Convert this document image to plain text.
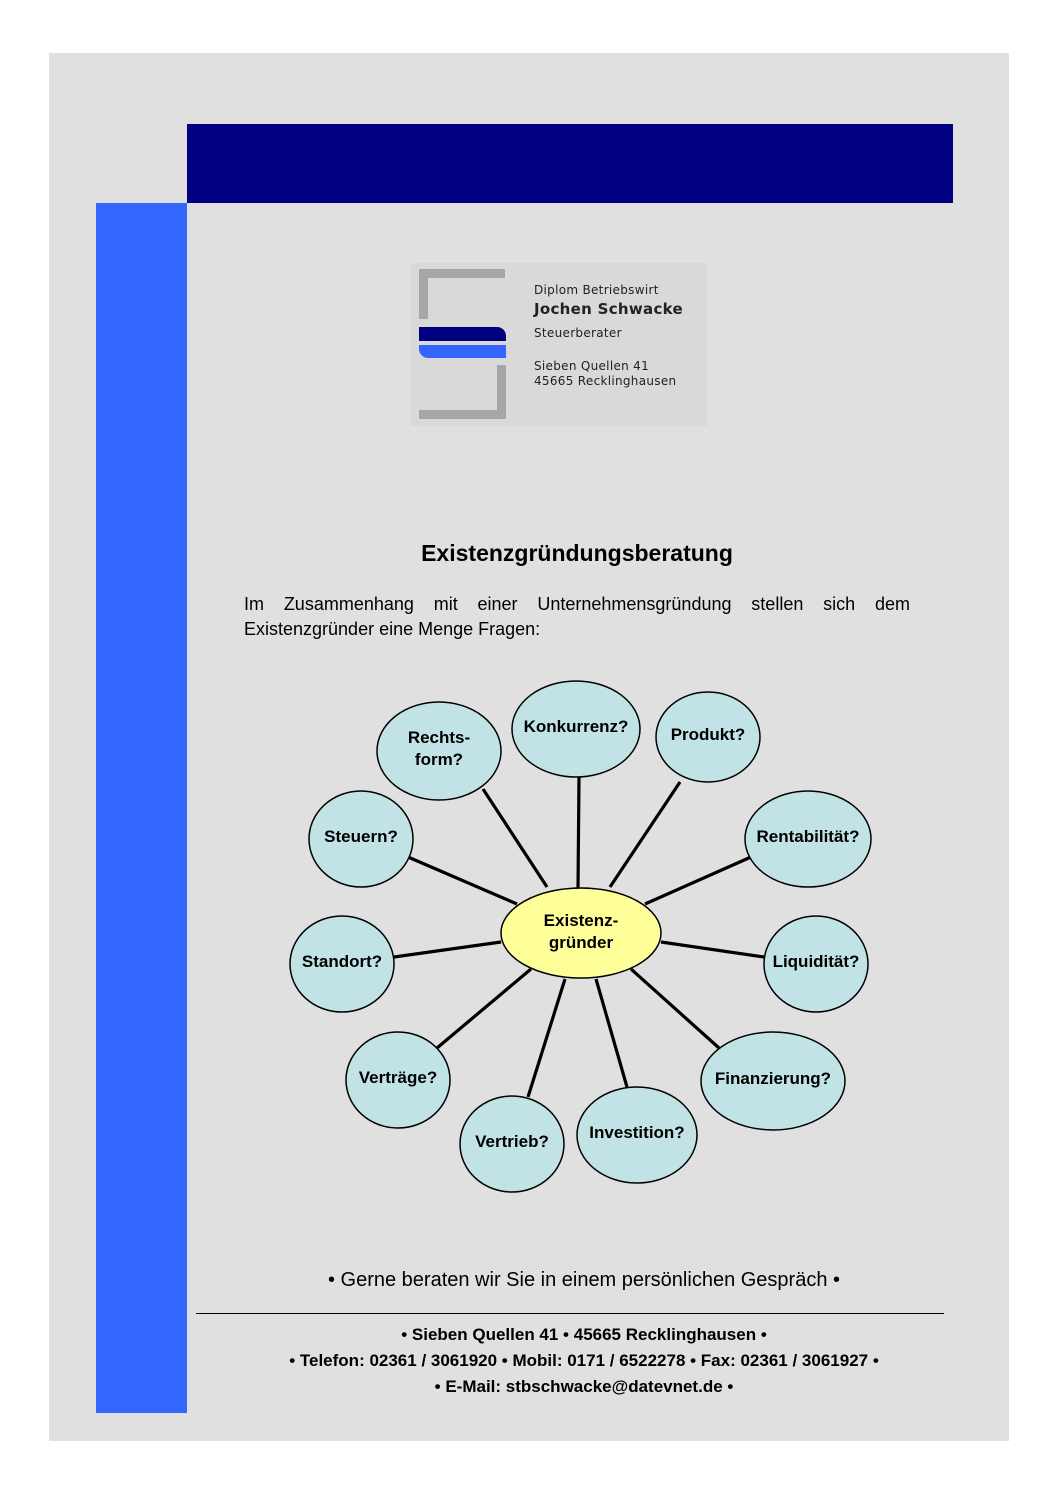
Diplom Betriebswirt
Jochen Schwacke
Steuerberater
Sieben Quellen 41
45665 Recklinghausen
Existenzgründungsberatung
Im Zusammenhang mit einer Unternehmensgründung stellen sich dem Existenzgründer eine Menge Fragen:
Rechts-
form?
Konkurrenz? Produkt?
Steuern?	Rentabilität?
Standort?	Liquidität?
Verträge?	Finanzierung?
Vertrieb? Investition?
Existenz-
gründer
• Gerne beraten wir Sie in einem persönlichen Gespräch •
• Sieben Quellen 41 • 45665 Recklinghausen •
• Telefon: 02361 / 3061920 • Mobil: 0171 / 6522278 • Fax: 02361 / 3061927 •
• E-Mail: stbschwacke@datevnet.de •
